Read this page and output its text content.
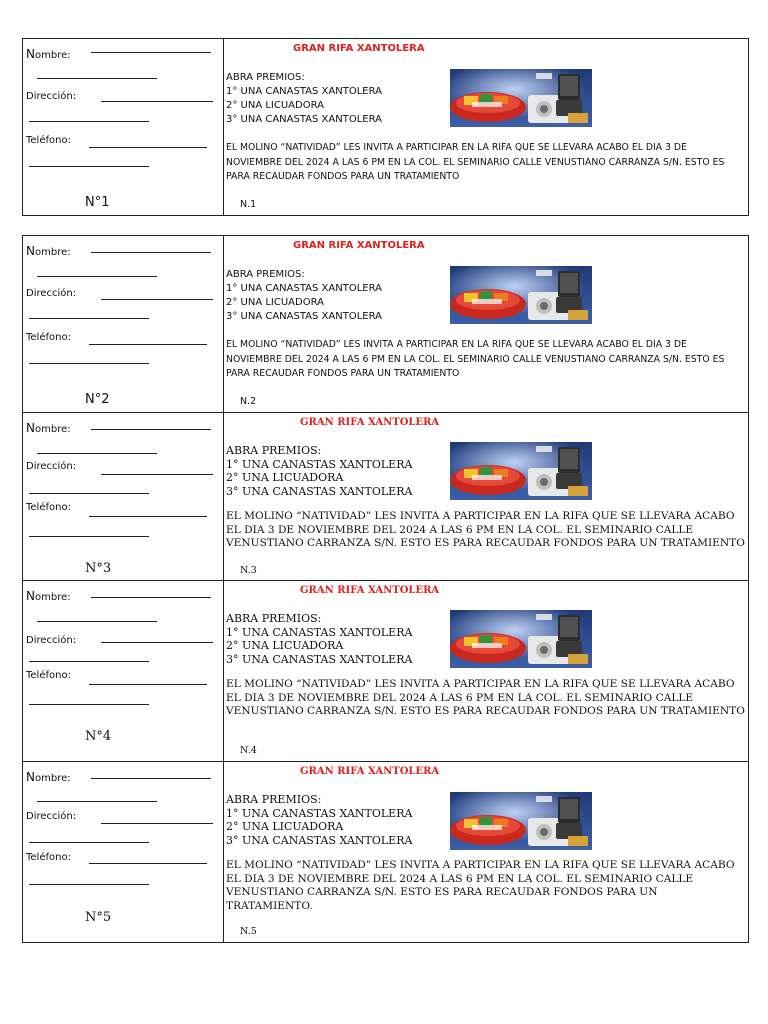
Nombre:
Dirección:
Teléfono:
N°1
GRAN RIFA XANTOLERA
ABRA PREMIOS:
1° UNA CANASTAS XANTOLERA
2° UNA LICUADORA
3° UNA CANASTAS XANTOLERA
EL MOLINO “NATIVIDAD” LES INVITA A PARTICIPAR EN LA RIFA QUE SE LLEVARA ACABO EL DIA 3 DE NOVIEMBRE DEL 2024 A LAS 6 PM EN LA COL. EL SEMINARIO CALLE VENUSTIANO CARRANZA S/N. ESTO ES PARA RECAUDAR FONDOS PARA UN TRATAMIENTO
N.1
Nombre:
Dirección:
Teléfono:
N°2
GRAN RIFA XANTOLERA
ABRA PREMIOS:
1° UNA CANASTAS XANTOLERA
2° UNA LICUADORA
3° UNA CANASTAS XANTOLERA
EL MOLINO “NATIVIDAD” LES INVITA A PARTICIPAR EN LA RIFA QUE SE LLEVARA ACABO EL DIA 3 DE NOVIEMBRE DEL 2024 A LAS 6 PM EN LA COL. EL SEMINARIO CALLE VENUSTIANO CARRANZA S/N. ESTO ES PARA RECAUDAR FONDOS PARA UN TRATAMIENTO
N.2
Nombre:
Dirección:
Teléfono:
N°3
GRAN RIFA XANTOLERA
ABRA PREMIOS:
1° UNA CANASTAS XANTOLERA
2° UNA LICUADORA
3° UNA CANASTAS XANTOLERA
EL MOLINO “NATIVIDAD” LES INVITA A PARTICIPAR EN LA RIFA QUE SE LLEVARA ACABO EL DIA 3 DE NOVIEMBRE DEL 2024 A LAS 6 PM EN LA COL. EL SEMINARIO CALLE VENUSTIANO CARRANZA S/N. ESTO ES PARA RECAUDAR FONDOS PARA UN TRATAMIENTO
N.3
Nombre:
Dirección:
Teléfono:
N°4
GRAN RIFA XANTOLERA
ABRA PREMIOS:
1° UNA CANASTAS XANTOLERA
2° UNA LICUADORA
3° UNA CANASTAS XANTOLERA
EL MOLINO “NATIVIDAD” LES INVITA A PARTICIPAR EN LA RIFA QUE SE LLEVARA ACABO EL DIA 3 DE NOVIEMBRE DEL 2024 A LAS 6 PM EN LA COL. EL SEMINARIO CALLE VENUSTIANO CARRANZA S/N. ESTO ES PARA RECAUDAR FONDOS PARA UN TRATAMIENTO
N.4
Nombre:
Dirección:
Teléfono:
N°5
GRAN RIFA XANTOLERA
ABRA PREMIOS:
1° UNA CANASTAS XANTOLERA
2° UNA LICUADORA
3° UNA CANASTAS XANTOLERA
EL MOLINO “NATIVIDAD” LES INVITA A PARTICIPAR EN LA RIFA QUE SE LLEVARA ACABO EL DIA 3 DE NOVIEMBRE DEL 2024 A LAS 6 PM EN LA COL. EL SEMINARIO CALLE VENUSTIANO CARRANZA S/N. ESTO ES PARA RECAUDAR FONDOS PARA UN TRATAMIENTO.
N.5
